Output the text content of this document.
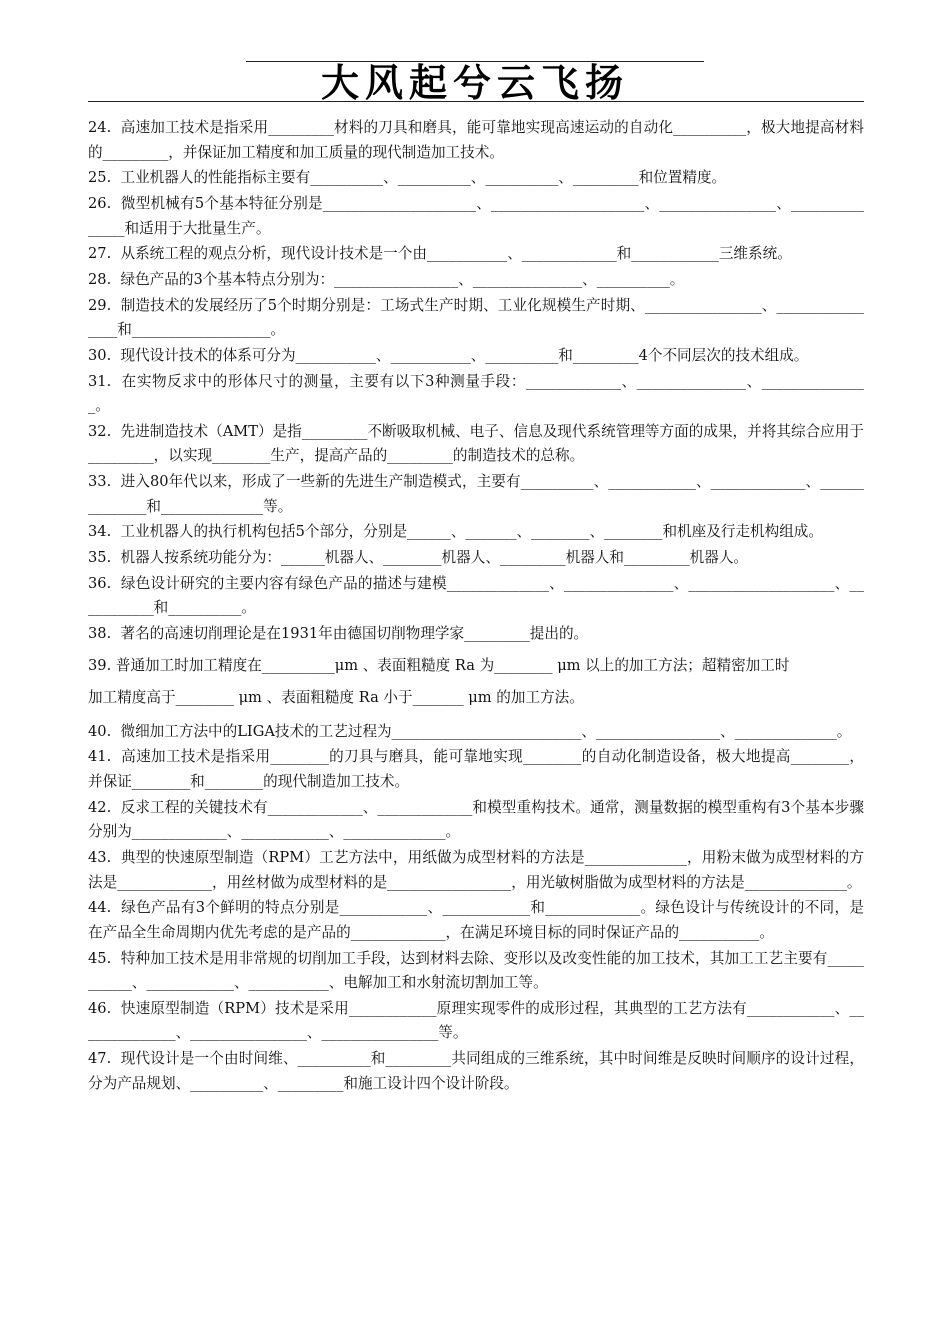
大风起兮云飞扬
24.  高速加工技术是指采用_________材料的刀具和磨具，能可靠地实现高速运动的自动化__________，极大地提高材料的_________，并保证加工精度和加工质量的现代制造加工技术。
25.  工业机器人的性能指标主要有__________、__________、__________、_________和位置精度。
26.  微型机械有5个基本特征分别是_____________________、_____________________、________________、_______________和适用于大批量生产。
27.  从系统工程的观点分析，现代设计技术是一个由___________、_____________和____________三维系统。
28.  绿色产品的3个基本特点分别为：_________________、_______________、__________。
29.  制造技术的发展经历了5个时期分别是：工场式生产时期、工业化规模生产时期、________________、________________和___________________。
30.  现代设计技术的体系可分为___________、___________、__________和_________4个不同层次的技术组成。
31.  在实物反求中的形体尺寸的测量，主要有以下3种测量手段：_____________、_______________、_______________。
32.  先进制造技术（AMT）是指_________不断吸取机械、电子、信息及现代系统管理等方面的成果，并将其综合应用于_________，以实现________生产，提高产品的_________的制造技术的总称。
33.  进入80年代以来，形成了一些新的先进生产制造模式，主要有__________、____________、_____________、______________和______________等。
34.  工业机器人的执行机构包括5个部分，分别是______、_______、________、________和机座及行走机构组成。
35.  机器人按系统功能分为：______机器人、________机器人、_________机器人和_________机器人。
36.  绿色设计研究的主要内容有绿色产品的描述与建模______________、_______________、____________________、___________和__________。
38.  著名的高速切削理论是在1931年由德国切削物理学家_________提出的。
39. 普通加工时加工精度在__________μm 、表面粗糙度 Ra 为________ μm 以上的加工方法；超精密加工时
加工精度高于________ μm 、表面粗糙度 Ra 小于_______ μm 的加工方法。
40.  微细加工方法中的LIGA技术的工艺过程为__________________________、_________________、______________。
41.  高速加工技术是指采用________的刀具与磨具，能可靠地实现________的自动化制造设备，极大地提高________，并保证________和________的现代制造加工技术。
42.  反求工程的关键技术有_____________、_____________和模型重构技术。通常，测量数据的模型重构有3个基本步骤分别为_____________、____________、______________。
43.  典型的快速原型制造（RPM）工艺方法中，用纸做为成型材料的方法是______________，用粉末做为成型材料的方法是_____________，用丝材做为成型材料的是_________________，用光敏树脂做为成型材料的方法是______________。
44.  绿色产品有3个鲜明的特点分别是____________、____________和_____________。绿色设计与传统设计的不同，是在产品全生命周期内优先考虑的是产品的_____________，在满足环境目标的同时保证产品的___________。
45.  特种加工技术是用非常规的切削加工手段，达到材料去除、变形以及改变性能的加工技术，其加工工艺主要有___________、____________、___________、电解加工和水射流切割加工等。
46.  快速原型制造（RPM）技术是采用____________原理实现零件的成形过程，其典型的工艺方法有____________、______________、________________、________________等。
47.  现代设计是一个由时间维、__________和_________共同组成的三维系统，其中时间维是反映时间顺序的设计过程，分为产品规划、__________、_________和施工设计四个设计阶段。
